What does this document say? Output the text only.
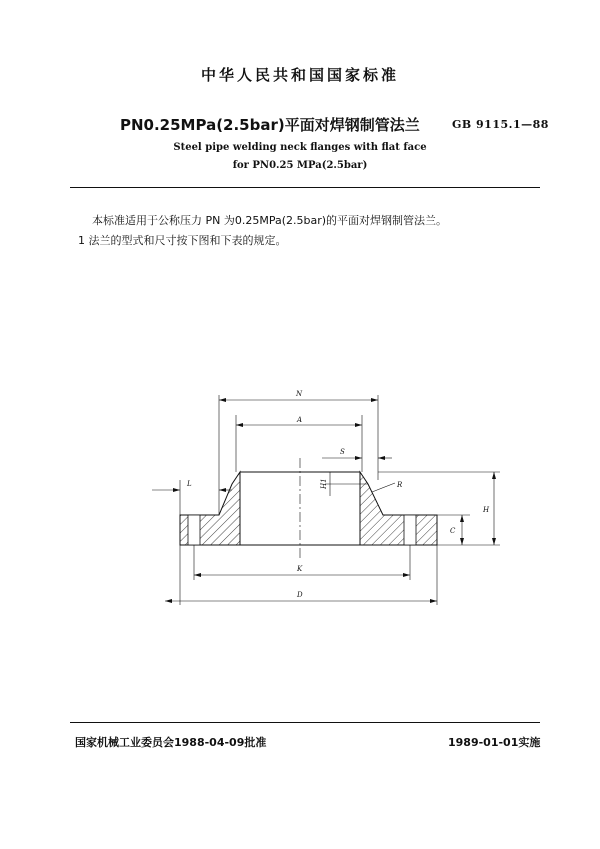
中华人民共和国国家标准
PN0.25MPa(2.5bar)平面对焊钢制管法兰	GB 9115.1—88
Steel pipe welding neck flanges with flat face
for PN0.25 MPa(2.5bar)
本标准适用于公称压力 PN 为0.25MPa(2.5bar)的平面对焊钢制管法兰。
1 法兰的型式和尺寸按下图和下表的规定。
N
A
S
H1	R
H
C
L
K
D
国家机械工业委员会1988-04-09批准	1989-01-01实施
